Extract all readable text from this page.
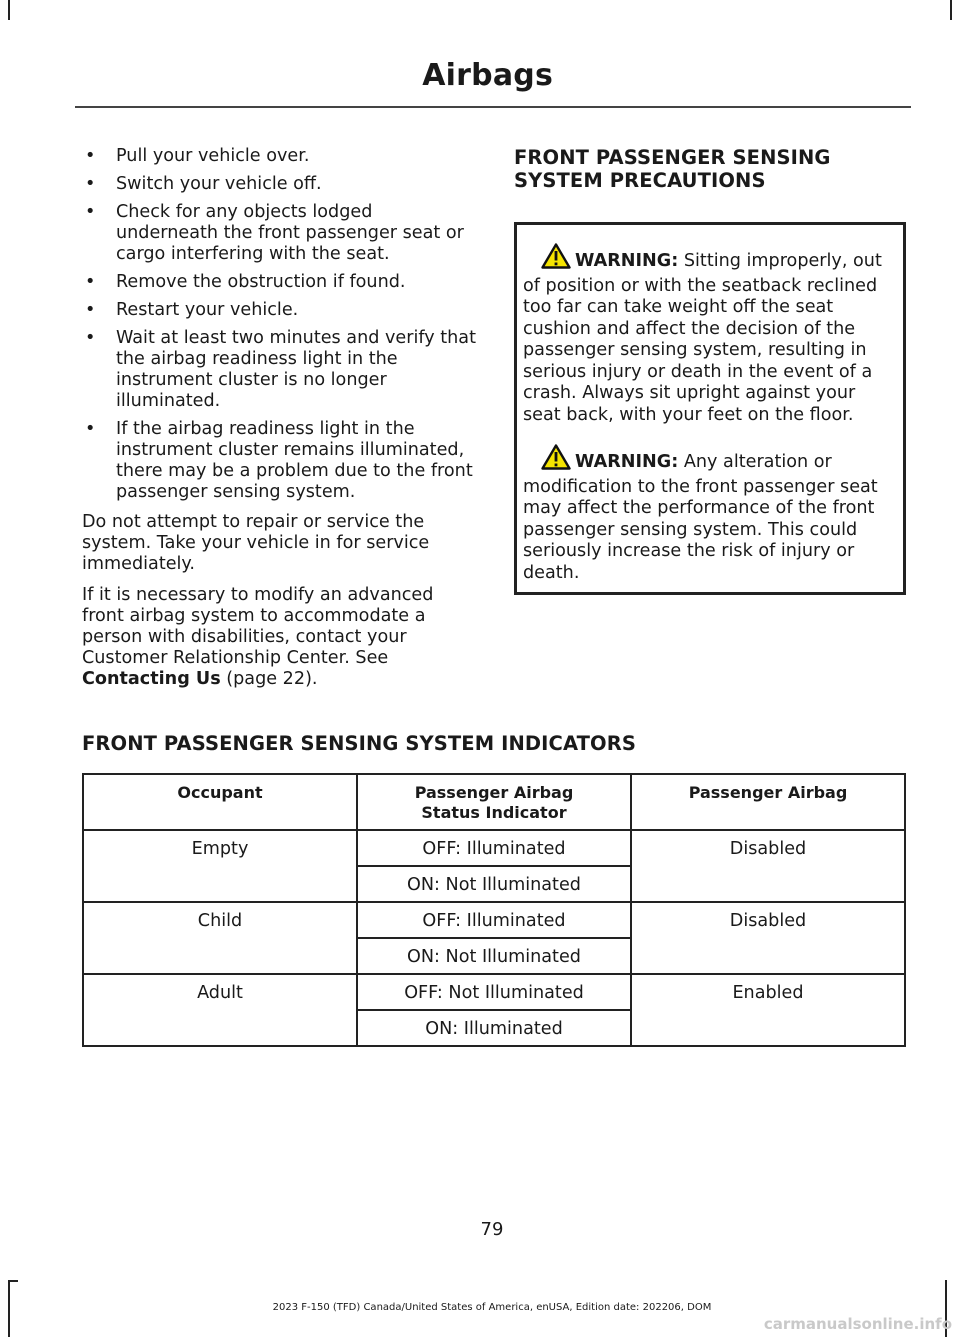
Airbags
• Pull your vehicle over.
• Switch your vehicle off.
• Check for any objects lodged underneath the front passenger seat or cargo interfering with the seat.
• Remove the obstruction if found.
• Restart your vehicle.
• Wait at least two minutes and verify that the airbag readiness light in the instrument cluster is no longer illuminated.
• If the airbag readiness light in the instrument cluster remains illuminated, there may be a problem due to the front passenger sensing system.

Do not attempt to repair or service the system. Take your vehicle in for service immediately.

If it is necessary to modify an advanced front airbag system to accommodate a person with disabilities, contact your Customer Relationship Center. See Contacting Us (page 22).

FRONT PASSENGER SENSING SYSTEM PRECAUTIONS

WARNING: Sitting improperly, out of position or with the seatback reclined too far can take weight off the seat cushion and affect the decision of the passenger sensing system, resulting in serious injury or death in the event of a crash. Always sit upright against your seat back, with your feet on the floor.

WARNING: Any alteration or modification to the front passenger seat may affect the performance of the front passenger sensing system. This could seriously increase the risk of injury or death.

FRONT PASSENGER SENSING SYSTEM INDICATORS
Occupant	Passenger Airbag Status Indicator	Passenger Airbag
Empty	OFF: Illuminated	Disabled
	ON: Not Illuminated	
Child	OFF: Illuminated	Disabled
	ON: Not Illuminated	
Adult	OFF: Not Illuminated	Enabled
	ON: Illuminated	
79
2023 F-150 (TFD) Canada/United States of America, enUSA, Edition date: 202206, DOM
carmanualsonline.info
